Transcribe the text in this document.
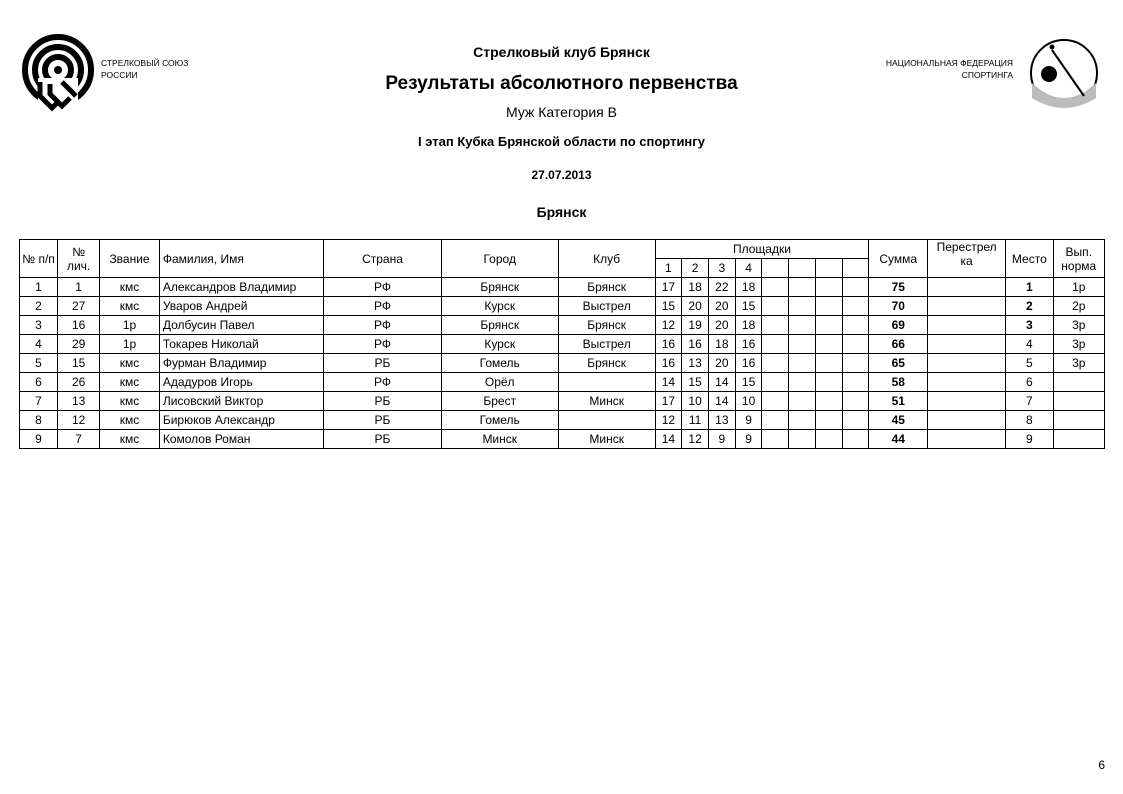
СТРЕЛКОВЫЙ СОЮЗ
РОССИИ
НАЦИОНАЛЬНАЯ ФЕДЕРАЦИЯ
СПОРТИНГА
Стрелковый клуб Брянск
Результаты абсолютного первенства
Муж Категория В
I этап Кубка Брянской области по спортингу
27.07.2013
Брянск
№ п/п	№ лич.	Звание	Фамилия, Имя	Страна	Город	Клуб	Площадки								Сумма	Перестрел ка	Место	Вып. норма
							1	2	3	4								
1	1	кмс	Александров Владимир	РФ	Брянск	Брянск	17	18	22	18					75		1	1р
2	27	кмс	Уваров Андрей	РФ	Курск	Выстрел	15	20	20	15					70		2	2р
3	16	1р	Долбусин Павел	РФ	Брянск	Брянск	12	19	20	18					69		3	3р
4	29	1р	Токарев Николай	РФ	Курск	Выстрел	16	16	18	16					66		4	3р
5	15	кмс	Фурман Владимир	РБ	Гомель	Брянск	16	13	20	16					65		5	3р
6	26	кмс	Ададуров Игорь	РФ	Орёл		14	15	14	15					58		6	
7	13	кмс	Лисовский Виктор	РБ	Брест	Минск	17	10	14	10					51		7	
8	12	кмс	Бирюков Александр	РБ	Гомель		12	11	13	9					45		8	
9	7	кмс	Комолов Роман	РБ	Минск	Минск	14	12	9	9					44		9	
6
